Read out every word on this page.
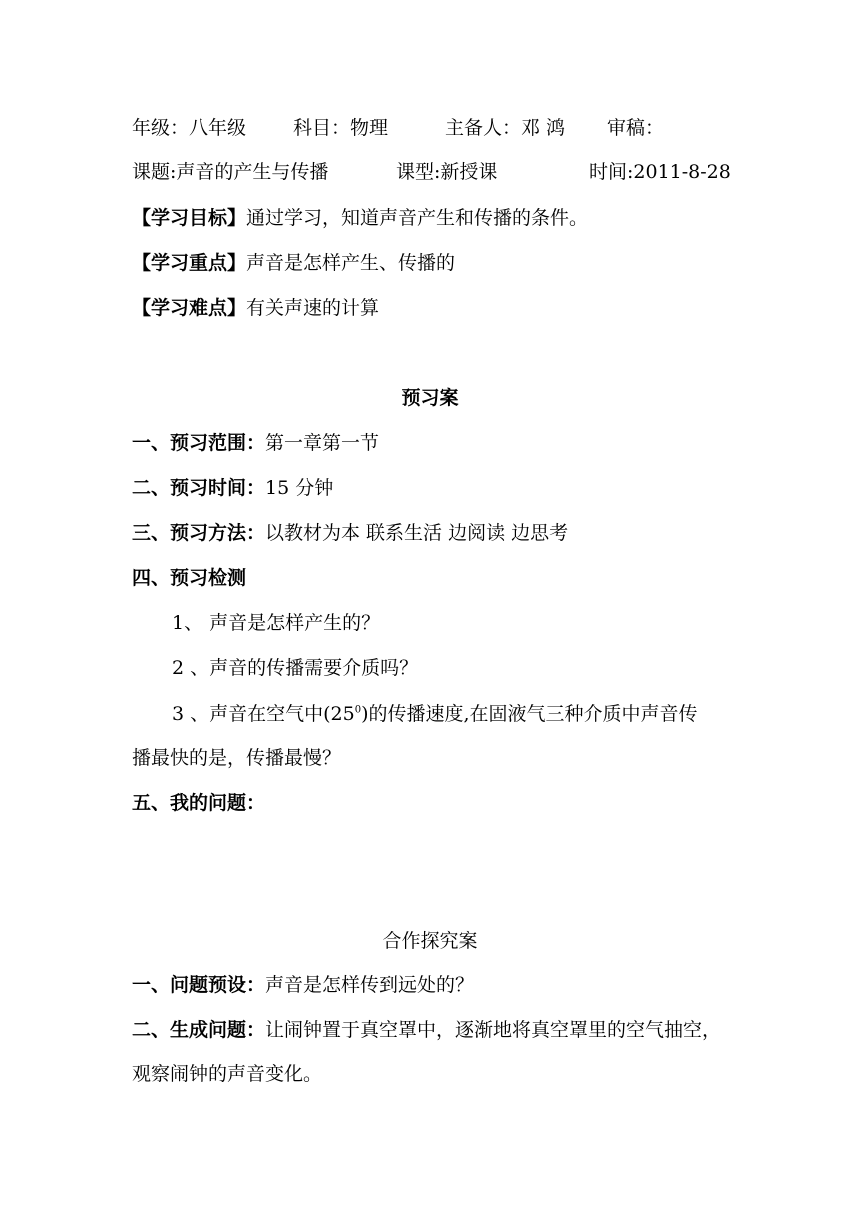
年级：八年级 科目：物理	主备人：邓 鸿 审稿：
课题:声音的产生与传播	课型:新授课	时间:2011-8-28
【学习目标】通过学习，知道声音产生和传播的条件。
【学习重点】声音是怎样产生、传播的
【学习难点】有关声速的计算
预习案
一、预习范围：第一章第一节
二、预习时间：15 分钟
三、预习方法：以教材为本 联系生活 边阅读 边思考
四、预习检测
1、 声音是怎样产生的？
2 、声音的传播需要介质吗？
3 、声音在空气中$(25^0)$的传播速度,在固液气三种介质中声音传
播最快的是，传播最慢？
五、我的问题：
合作探究案
一、问题预设：声音是怎样传到远处的？
二、生成问题：让闹钟置于真空罩中，逐渐地将真空罩里的空气抽空，
观察闹钟的声音变化。
